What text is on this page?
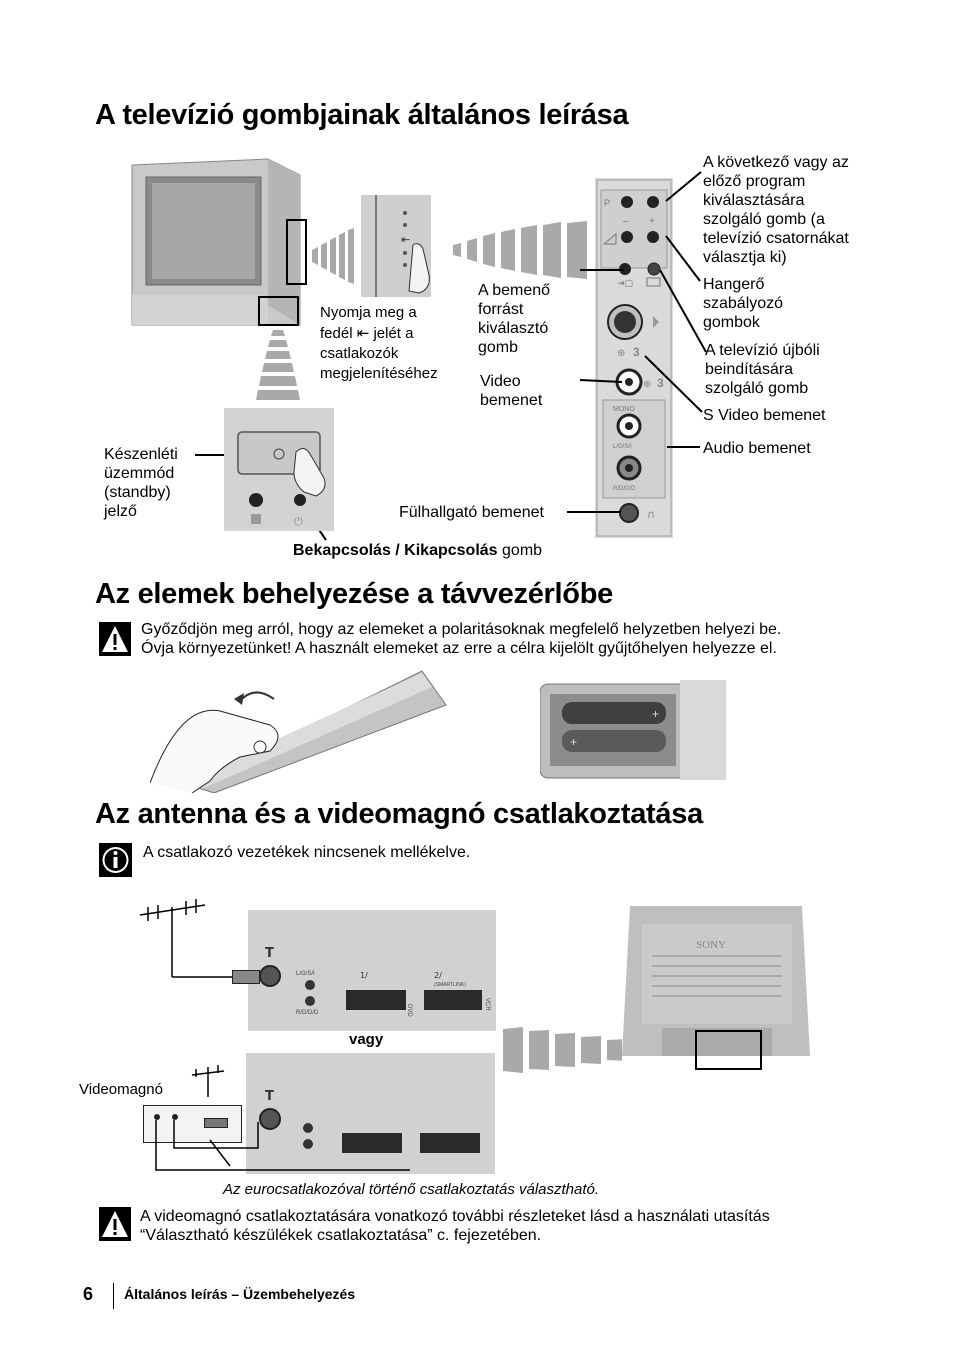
A televízió gombjainak általános leírása
⇤
P
– +
⇥▢
⊕ 3
⊕ 3
MONO
L/G/S/I
R/D/D/D
∩
A következő vagy az
előző program
kiválasztására
szolgáló gomb (a
televízió csatornákat
választja ki)
Hangerő
szabályozó
gombok
A televízió újbóli
beindítására
szolgáló gomb
S Video bemenet
Audio bemenet
A bemenő
forrást
kiválasztó
gomb
Video
bemenet
Fülhallgató bemenet
Nyomja meg a
fedél ⇤ jelét a
csatlakozók
megjelenítéséhez
⏻
Készenléti
üzemmód
(standby)
jelző
Bekapcsolás / Kikapcsolás gomb
Az elemek behelyezése a távvezérlőbe
Győződjön meg arról, hogy az elemeket a polaritásoknak megfelelő helyzetben helyezi be.
Óvja környezetünket! A használt elemeket az erre a célra kijelölt gyűjtőhelyen helyezze el.
+
+
Az antenna és a videomagnó csatlakoztatása
A csatlakozó vezetékek nincsenek mellékelve.
T
L/G/S/I
R/D/D/D
1/	2/
(SMARTLINK)
DVD	VCR
vagy
T
Videomagnó
SONY
Az eurocsatlakozóval történő csatlakoztatás választható.
A videomagnó csatlakoztatására vonatkozó további részleteket lásd a használati utasítás
“Választható készülékek csatlakoztatása” c. fejezetében.
6 Általános leírás – Üzembehelyezés
